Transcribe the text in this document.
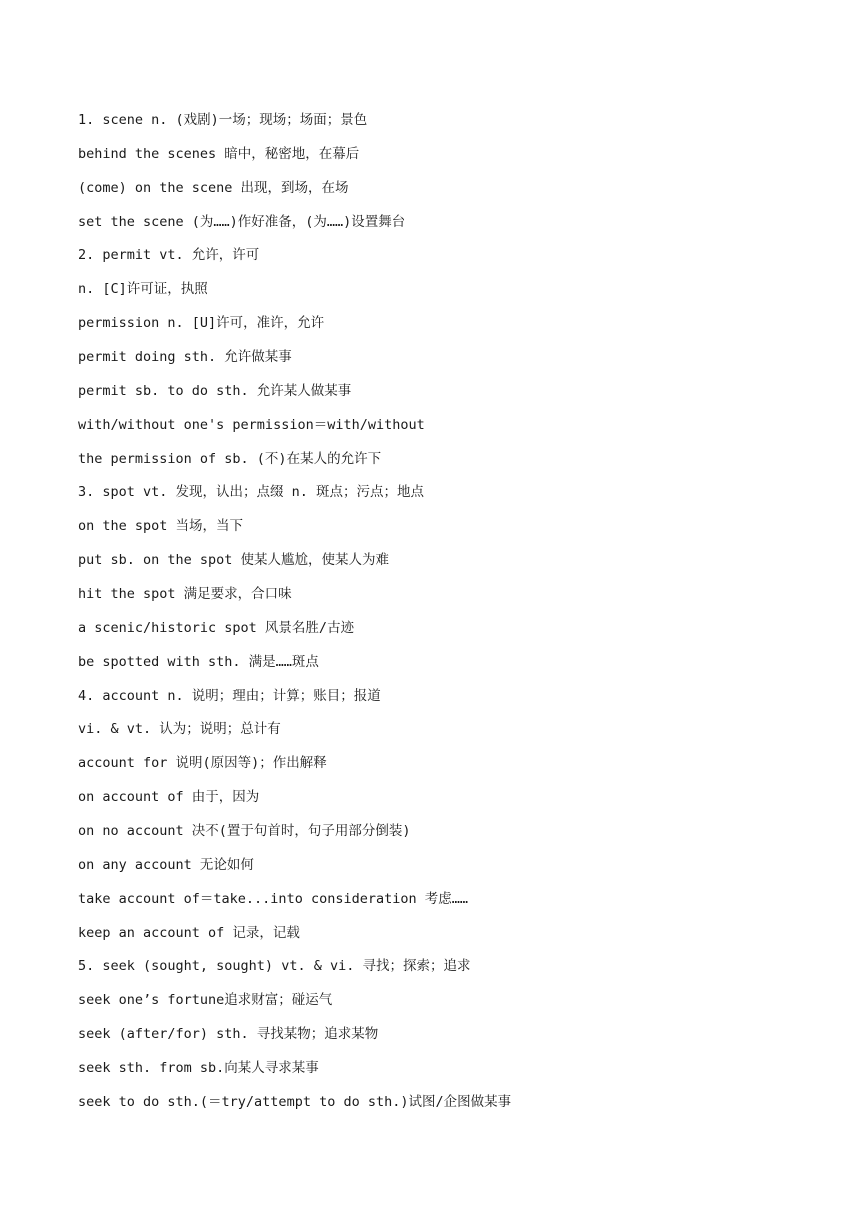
1. scene n. (戏剧)一场；现场；场面；景色
behind the scenes 暗中，秘密地，在幕后
(come) on the scene 出现，到场，在场
set the scene (为……)作好准备，(为……)设置舞台
2. permit vt. 允许，许可
n. [C]许可证，执照
permission n. [U]许可，准许，允许
permit doing sth. 允许做某事
permit sb. to do sth. 允许某人做某事
with/without one's permission＝with/without
the permission of sb. (不)在某人的允许下
3. spot vt. 发现，认出；点缀 n. 斑点；污点；地点
on the spot 当场，当下
put sb. on the spot 使某人尴尬，使某人为难
hit the spot 满足要求，合口味
a scenic/historic spot 风景名胜/古迹
be spotted with sth. 满是……斑点
4. account n. 说明；理由；计算；账目；报道
vi. & vt. 认为；说明；总计有
account for 说明(原因等)；作出解释
on account of 由于，因为
on no account 决不(置于句首时，句子用部分倒装)
on any account 无论如何
take account of＝take...into consideration 考虑……
keep an account of 记录，记载
5. seek (sought, sought) vt. & vi. 寻找；探索；追求
seek one’s fortune追求财富；碰运气
seek (after/for) sth. 寻找某物；追求某物
seek sth. from sb.向某人寻求某事
seek to do sth.(＝try/attempt to do sth.)试图/企图做某事
